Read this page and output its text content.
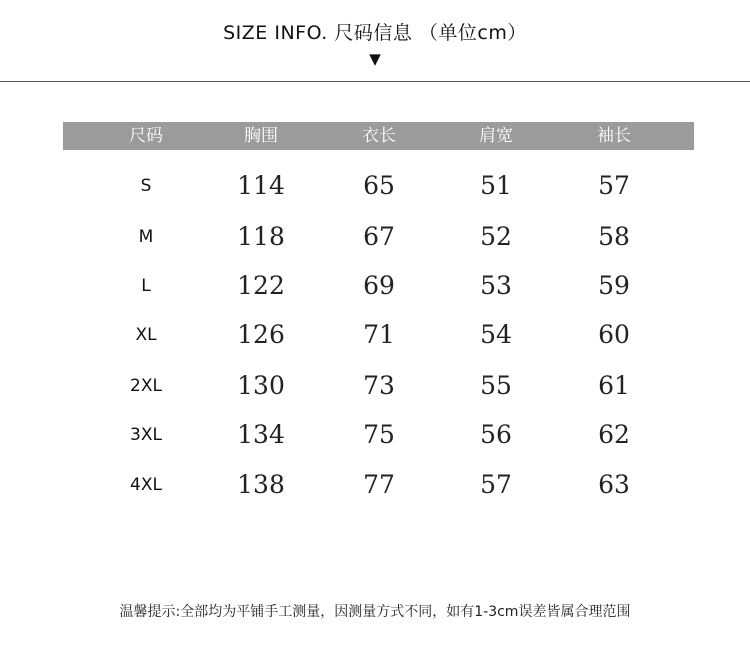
SIZE INFO. 尺码信息 （单位cm）
▼
尺码	胸围	衣长	肩宽	袖长
S	114	65	51	57
M	118	67	52	58
L	122	69	53	59
XL	126	71	54	60
2XL	130	73	55	61
3XL	134	75	56	62
4XL	138	77	57	63
温馨提示:全部均为平铺手工测量，因测量方式不同，如有1-3cm误差皆属合理范围
